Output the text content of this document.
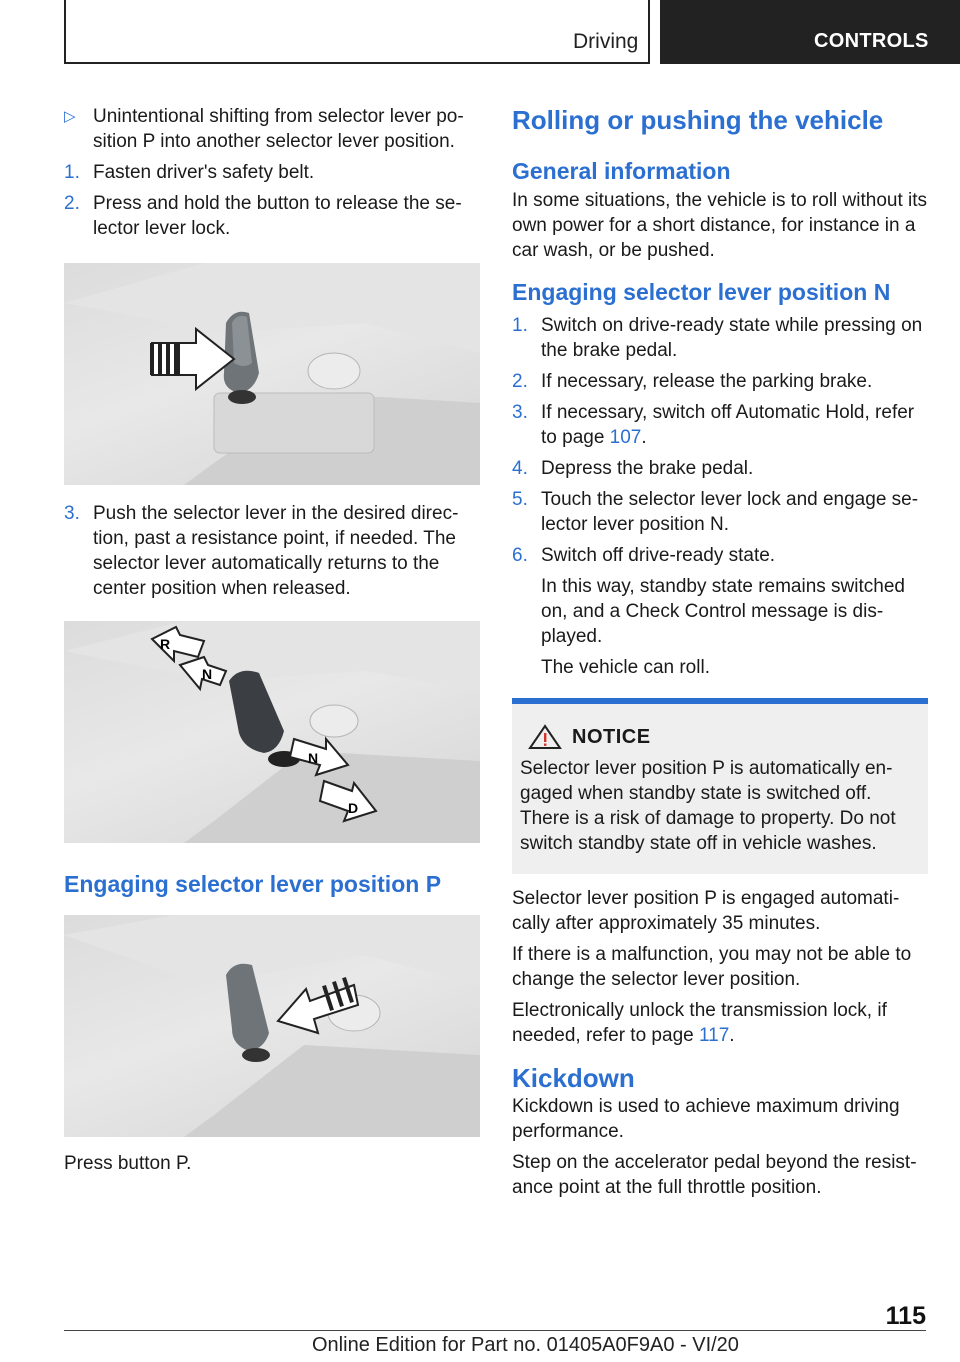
Driving	CONTROLS
▷ Unintentional shifting from selector lever position P into another selector lever position.
1. Fasten driver's safety belt.
2. Press and hold the button to release the selector lever lock.
3. Push the selector lever in the desired direction, past a resistance point, if needed. The selector lever automatically returns to the center position when released.
R
N
N
D
Engaging selector lever position P
Press button P.
Rolling or pushing the vehicle
General information
In some situations, the vehicle is to roll without its own power for a short distance, for instance in a car wash, or be pushed.
Engaging selector lever position N
1. Switch on drive-ready state while pressing on the brake pedal.
2. If necessary, release the parking brake.
3. If necessary, switch off Automatic Hold, refer to page 107.
4. Depress the brake pedal.
5. Touch the selector lever lock and engage selector lever position N.
6. Switch off drive-ready state.
In this way, standby state remains switched on, and a Check Control message is displayed.
The vehicle can roll.
NOTICE
Selector lever position P is automatically engaged when standby state is switched off. There is a risk of damage to property. Do not switch standby state off in vehicle washes.
Selector lever position P is engaged automatically after approximately 35 minutes.
If there is a malfunction, you may not be able to change the selector lever position.
Electronically unlock the transmission lock, if needed, refer to page 117.
Kickdown
Kickdown is used to achieve maximum driving performance.
Step on the accelerator pedal beyond the resistance point at the full throttle position.
115
Online Edition for Part no. 01405A0F9A0 - VI/20
